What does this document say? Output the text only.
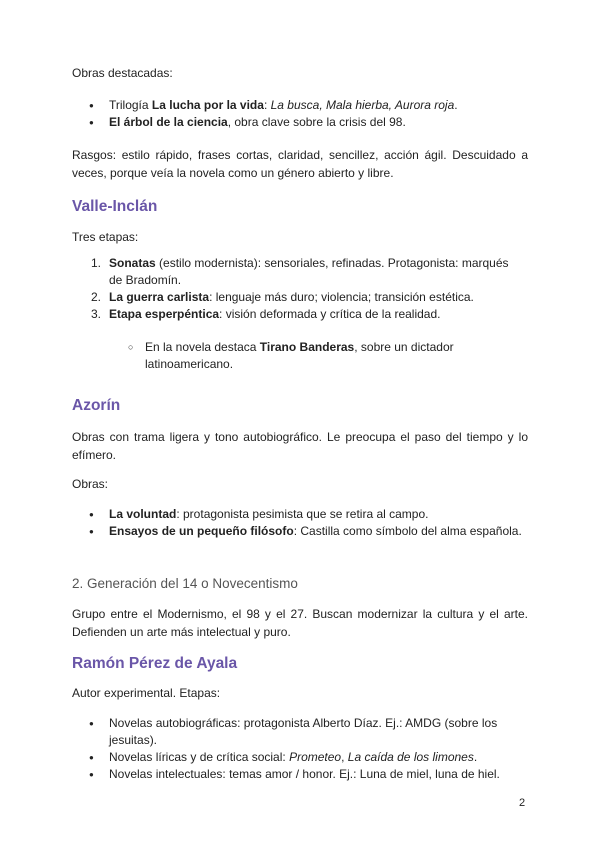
Obras destacadas:

● Trilogía La lucha por la vida: La busca, Mala hierba, Aurora roja.
● El árbol de la ciencia, obra clave sobre la crisis del 98.

Rasgos: estilo rápido, frases cortas, claridad, sencillez, acción ágil. Descuidado a veces, porque veía la novela como un género abierto y libre.

Valle-Inclán

Tres etapas:

1. Sonatas (estilo modernista): sensoriales, refinadas. Protagonista: marqués de Bradomín.
2. La guerra carlista: lenguaje más duro; violencia; transición estética.
3. Etapa esperpéntica: visión deformada y crítica de la realidad.
○ En la novela destaca Tirano Banderas, sobre un dictador latinoamericano.
Azorín

Obras con trama ligera y tono autobiográfico. Le preocupa el paso del tiempo y lo efímero.

Obras:

● La voluntad: protagonista pesimista que se retira al campo.
● Ensayos de un pequeño filósofo: Castilla como símbolo del alma española.
2. Generación del 14 o Novecentismo

Grupo entre el Modernismo, el 98 y el 27. Buscan modernizar la cultura y el arte. Defienden un arte más intelectual y puro.

Ramón Pérez de Ayala

Autor experimental. Etapas:

● Novelas autobiográficas: protagonista Alberto Díaz. Ej.: AMDG (sobre los jesuitas).
● Novelas líricas y de crítica social: Prometeo, La caída de los limones.
● Novelas intelectuales: temas amor / honor. Ej.: Luna de miel, luna de hiel.
2
